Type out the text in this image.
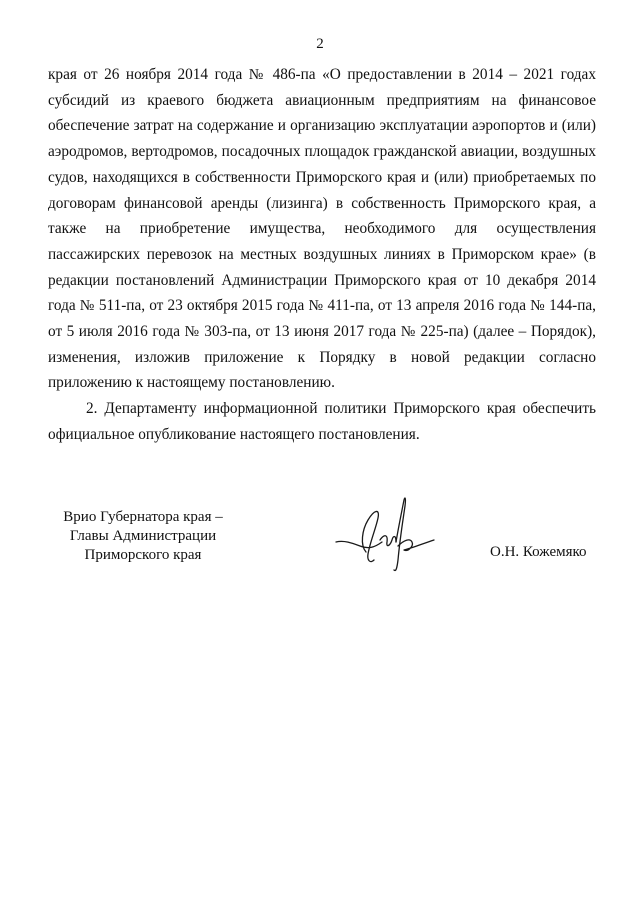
2

края от 26 ноября 2014 года № 486-па «О предоставлении в 2014 – 2021 годах субсидий из краевого бюджета авиационным предприятиям на финансовое обеспечение затрат на содержание и организацию эксплуатации аэропортов и (или) аэродромов, вертодромов, посадочных площадок гражданской авиации, воздушных судов, находящихся в собственности Приморского края и (или) приобретаемых по договорам финансовой аренды (лизинга) в собственность Приморского края, а также на приобретение имущества, необходимого для осуществления пассажирских перевозок на местных воздушных линиях в Приморском крае» (в редакции постановлений Администрации Приморского края от 10 декабря 2014 года № 511-па, от 23 октября 2015 года № 411-па, от 13 апреля 2016 года № 144-па, от 5 июля 2016 года № 303-па, от 13 июня 2017 года № 225-па) (далее – Порядок), изменения, изложив приложение к Порядку в новой редакции согласно приложению к настоящему постановлению.

2. Департаменту информационной политики Приморского края обеспечить официальное опубликование настоящего постановления.

Врио Губернатора края –
Главы Администрации
Приморского края	О.Н. Кожемяко
